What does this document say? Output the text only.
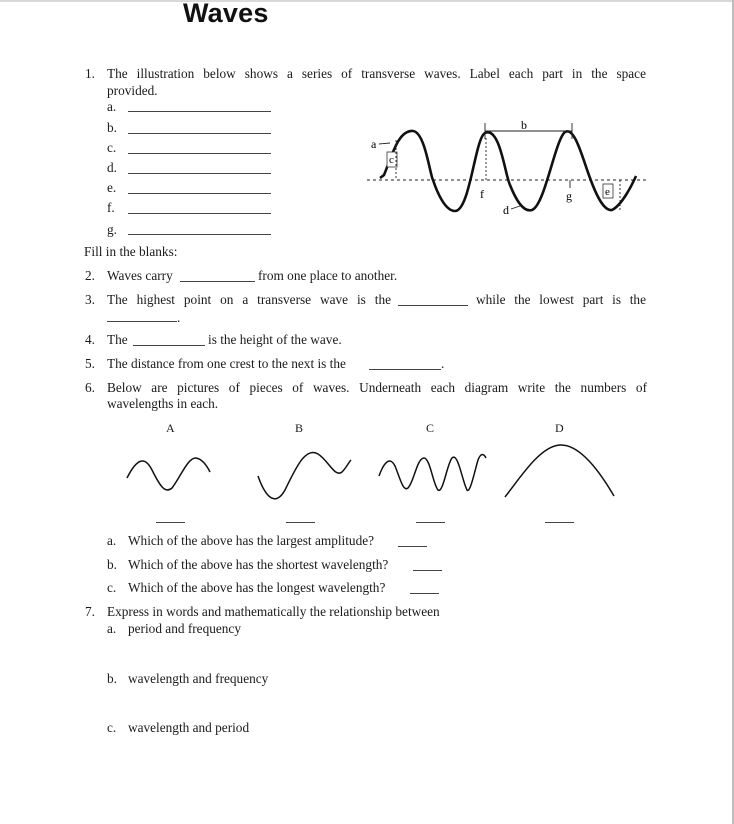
Waves
1. The illustration below shows a series of transverse waves. Label each part in the space
provided.
a.
b.
c.
d.
e.
f.
g.
b
a
c
f
d
g	e
Fill in the blanks:
2. Waves carry	from one place to another.
3. The highest point on a transverse wave is the	while the lowest part is the
.
4. The	is the height of the wave.
5. The distance from one crest to the next is the	.
6. Below are pictures of pieces of waves. Underneath each diagram write the numbers of
wavelengths in each.
A	B	C	D
a. Which of the above has the largest amplitude?
b. Which of the above has the shortest wavelength?
c. Which of the above has the longest wavelength?
7. Express in words and mathematically the relationship between
a. period and frequency
b. wavelength and frequency
c. wavelength and period
